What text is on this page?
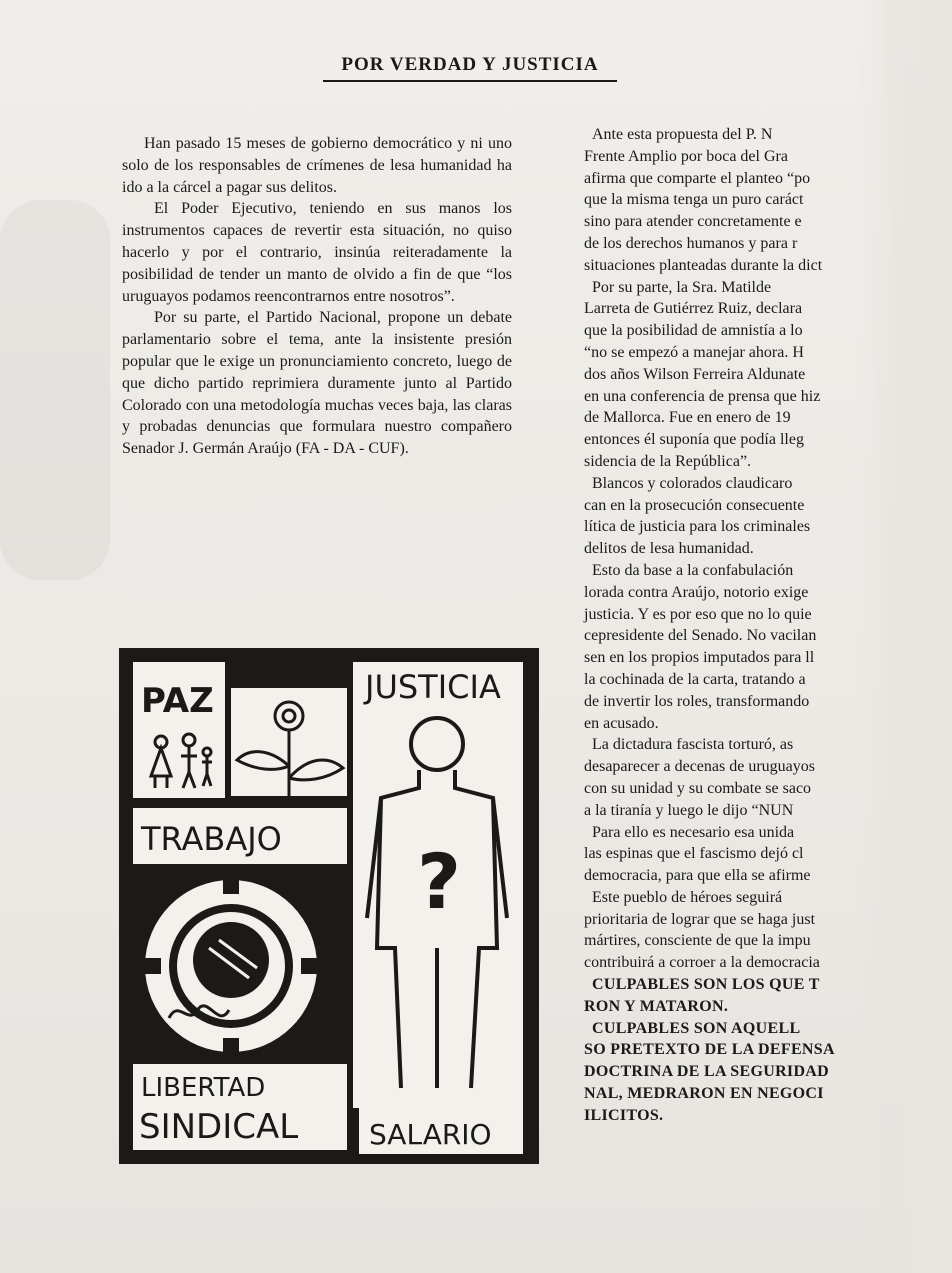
​
POR VERDAD Y JUSTICIA

Han pasado 15 meses de gobierno democrático y ni uno solo de los responsables de crímenes de lesa humanidad ha ido a la cárcel a pagar sus delitos.

El Poder Ejecutivo, teniendo en sus manos los instrumentos capaces de revertir esta situación, no quiso hacerlo y por el contrario, insinúa reiteradamente la posibilidad de tender un manto de olvido a fin de que “los uruguayos podamos reencontrarnos entre nosotros”.

Por su parte, el Partido Nacional, propone un debate parlamentario sobre el tema, ante la insistente presión popular que le exige un pronunciamiento concreto, luego de que dicho partido reprimiera duramente junto al Partido Colorado con una metodología muchas veces baja, las claras y probadas denuncias que formulara nuestro compañero Senador J. Germán Araújo (FA - DA - CUF).

Ante esta propuesta del P. N
Frente Amplio por boca del Gra
afirma que comparte el planteo “po
que la misma tenga un puro caráct
sino para atender concretamente e
de los derechos humanos y para r
situaciones planteadas durante la dict

Por su parte, la Sra. Matilde
Larreta de Gutiérrez Ruiz, declara
que la posibilidad de amnistía a lo
“no se empezó a manejar ahora. H
dos años Wilson Ferreira Aldunate
en una conferencia de prensa que hiz
de Mallorca. Fue en enero de 19
entonces él suponía que podía lleg
sidencia de la República”.

Blancos y colorados claudicaro
can en la prosecución consecuente
lítica de justicia para los criminales
delitos de lesa humanidad.

Esto da base a la confabulación
lorada contra Araújo, notorio exige
justicia. Y es por eso que no lo quie
cepresidente del Senado. No vacilan
sen en los propios imputados para ll
la cochinada de la carta, tratando a
de invertir los roles, transformando
en acusado.

La dictadura fascista torturó, as
desaparecer a decenas de uruguayos
con su unidad y su combate se saco
a la tiranía y luego le dijo “NUN

Para ello es necesario esa unida
las espinas que el fascismo dejó cl
democracia, para que ella se afirme

Este pueblo de héroes seguirá
prioritaria de lograr que se haga just
mártires, consciente de que la impu
contribuirá a corroer a la democracia

CULPABLES SON LOS QUE T
RON Y MATARON.

CULPABLES SON AQUELL
SO PRETEXTO DE LA DEFENSA
DOCTRINA DE LA SEGURIDAD
NAL, MEDRARON EN NEGOCI
ILICITOS.

PAZ	JUSTICIA
TRABAJO ?
LIBERTAD
SINDICAL	SALARIO
